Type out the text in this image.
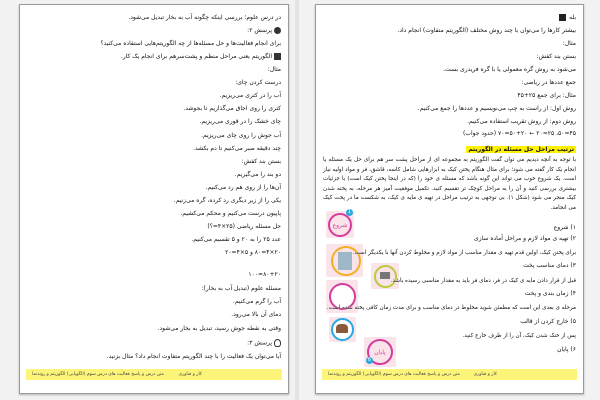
در درس علوم؛ بررسی اینکه چگونه آب به بخار تبدیل می‌شود.
پرسش ۲:
برای انجام فعالیت‌ها و حل مسئله‌ها از چه الگوریتم‌هایی استفاده می‌کنید؟
الگوریتم یعنی مراحل منظم و پشت‌سرهم برای انجام یک کار.
مثال:
درست کردن چای:
آب را در کتری می‌ریزیم.
کتری را روی اجاق می‌گذاریم تا بجوشد.
چای خشک را در قوری می‌ریزیم.
آب جوش را روی چای می‌ریزیم.
چند دقیقه صبر می‌کنیم تا دم بکشد.
بستن بند کفش:
دو بند را می‌گیریم.
آن‌ها را از روی هم رد می‌کنیم.
یکی را از زیر دیگری رد کرده، گره می‌زنیم.
پاپیون درست می‌کنیم و محکم می‌کشیم.
حل مسئله ریاضی (۲۵×۴=؟)
عدد ۲۵ را به ۲۰ و ۵ تقسیم می‌کنیم.
۲۰×۴=۸۰ و ۵×۴=۲۰
۸۰+۲۰=۱۰۰
مسئله علوم (تبدیل آب به بخار):
آب را گرم می‌کنیم.
دمای آن بالا می‌رود.
وقتی به نقطه جوش رسید، تبدیل به بخار می‌شود.
پرسش ۳:
آیا می‌توان یک فعالیت را با چند الگوریتم متفاوت انجام داد؟ مثال بزنید.
کار و فناوری
متن درس و پاسخ فعالیت های درس سوم (الگویابی) الگوریتم و روندنما
بله
بیشتر کارها را می‌توان با چند روش مختلف (الگوریتم متفاوت) انجام داد.
مثال:
بستن بند کفش:
می‌شود به روش گره معمولی یا با گره فریدری بست.
جمع عددها در ریاضی:
مثال: برای جمع ۲۵+۴۵
روش اول: از راست به چپ می‌نویسیم و عددها را جمع می‌کنیم.
روش دوم: از روش تقریب استفاده می‌کنیم.
۴۵≈۵۰، ۲۵≈۲۰ ← ۵۰+۲۰=۷۰ (حدود جواب)
ترتیب مراحل حل مسئله در الگوریتم
با توجه به آنچه دیدیم می توان گفت الگوریتم به مجموعه ای از مراحل پشت سر هم برای حل یک مسئله یا انجام یک کار گفته می شود؛ برای مثال هنگام پختن کیک به ابزارهایی شامل کاسه، قاشق، فر و مواد اولیه نیاز است. یک شروع خوب می تواند این گونه باشد که مسئله ی خود را (که در اینجا پختن کیک است) با جزئیات بیشتری بررسی کنید و آن را به مراحل کوچک تر تقسیم کنید. تکمیل موفقیت آمیز هر مرحله، به پخته شدن کیک منجر می شود (شکل ۱). بی توجهی به ترتیب مراحل در تهیه ی مایه ی کیک، به شکست ما در پخت کیک می انجامد.
۱) شروع
۲) تهیه ی مواد لازم و مراحل آماده سازی
برای پختن کیک، اولین قدم تهیه ی مقدار مناسب از مواد لازم و مخلوط کردن آنها با یکدیگر است.
۳) دمای مناسب پخت
قبل از قرار دادن مایه ی کیک در فر، دمای فر باید به مقدار مناسبی رسیده باشد.
۴) زمان بندی و پخت
مرحله ی بعدی این است که مطمئن شوید مخلوط در دمای مناسب و برای مدت زمان کافی پخته شده است.
۵) خارج کردن از قالب
پس از خنک شدن کیک، آن را از ظرف خارج کنید.
۶) پایان
شروع
1
پایان
6
کار و فناوری
متن درس و پاسخ فعالیت های درس سوم (الگویابی) الگوریتم و روندنما
